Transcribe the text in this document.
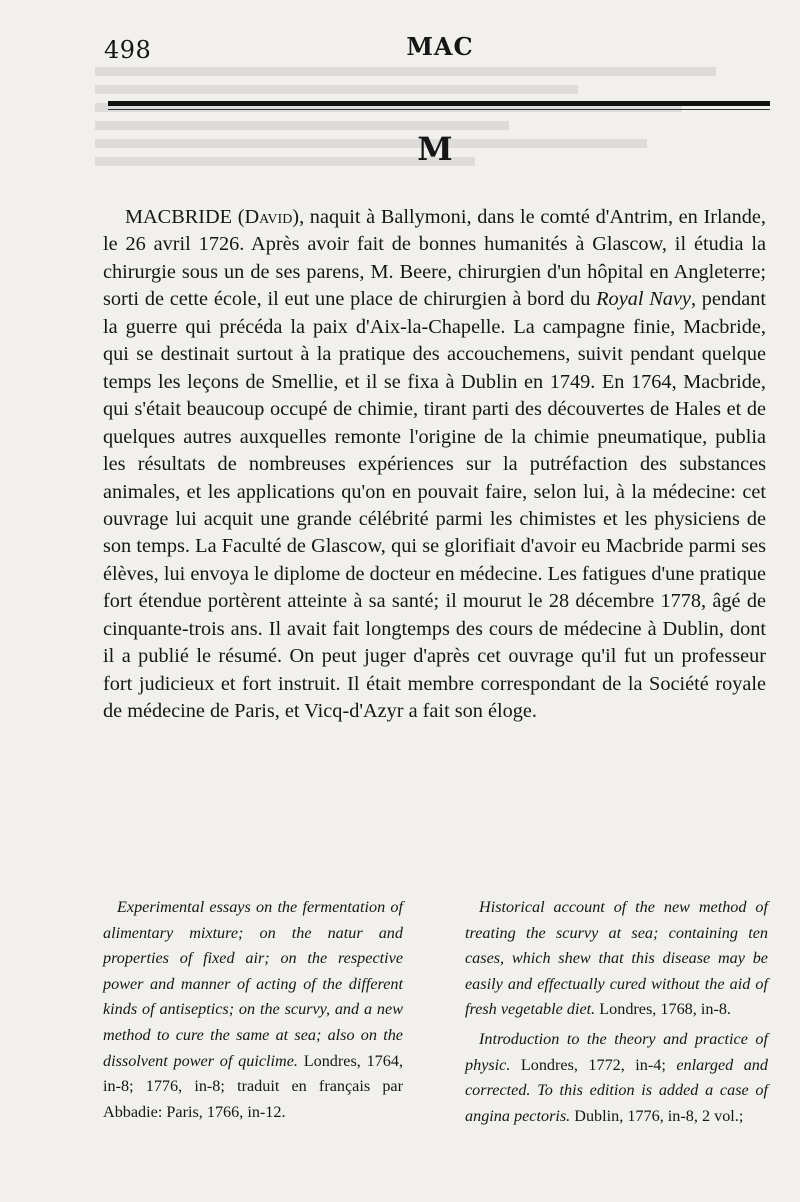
498	MAC
M

MACBRIDE (David), naquit à Ballymoni, dans le comté d'Antrim, en Irlande, le 26 avril 1726. Après avoir fait de bonnes humanités à Glascow, il étudia la chirurgie sous un de ses parens, M. Beere, chirurgien d'un hôpital en Angleterre; sorti de cette école, il eut une place de chirurgien à bord du Royal Navy, pendant la guerre qui précéda la paix d'Aix-la-Chapelle. La campagne finie, Macbride, qui se destinait surtout à la pratique des accouchemens, suivit pendant quelque temps les leçons de Smellie, et il se fixa à Dublin en 1749. En 1764, Macbride, qui s'était beaucoup occupé de chimie, tirant parti des découvertes de Hales et de quelques autres auxquelles remonte l'origine de la chimie pneumatique, publia les résultats de nombreuses expériences sur la putréfaction des substances animales, et les applications qu'on en pouvait faire, selon lui, à la médecine: cet ouvrage lui acquit une grande célébrité parmi les chimistes et les physiciens de son temps. La Faculté de Glascow, qui se glorifiait d'avoir eu Macbride parmi ses élèves, lui envoya le diplome de docteur en médecine. Les fatigues d'une pratique fort étendue portèrent atteinte à sa santé; il mourut le 28 décembre 1778, âgé de cinquante-trois ans. Il avait fait longtemps des cours de médecine à Dublin, dont il a publié le résumé. On peut juger d'après cet ouvrage qu'il fut un professeur fort judicieux et fort instruit. Il était membre correspondant de la Société royale de médecine de Paris, et Vicq-d'Azyr a fait son éloge.

Experimental essays on the fermentation of alimentary mixture; on the natur and properties of fixed air; on the respective power and manner of acting of the different kinds of antiseptics; on the scurvy, and a new method to cure the same at sea; also on the dissolvent power of quiclime. Londres, 1764, in-8; 1776, in-8; traduit en français par Abbadie: Paris, 1766, in-12.

Historical account of the new method of treating the scurvy at sea; containing ten cases, which shew that this disease may be easily and effectually cured without the aid of fresh vegetable diet. Londres, 1768, in-8.

Introduction to the theory and practice of physic. Londres, 1772, in-4; enlarged and corrected. To this edition is added a case of angina pectoris. Dublin, 1776, in-8, 2 vol.;
